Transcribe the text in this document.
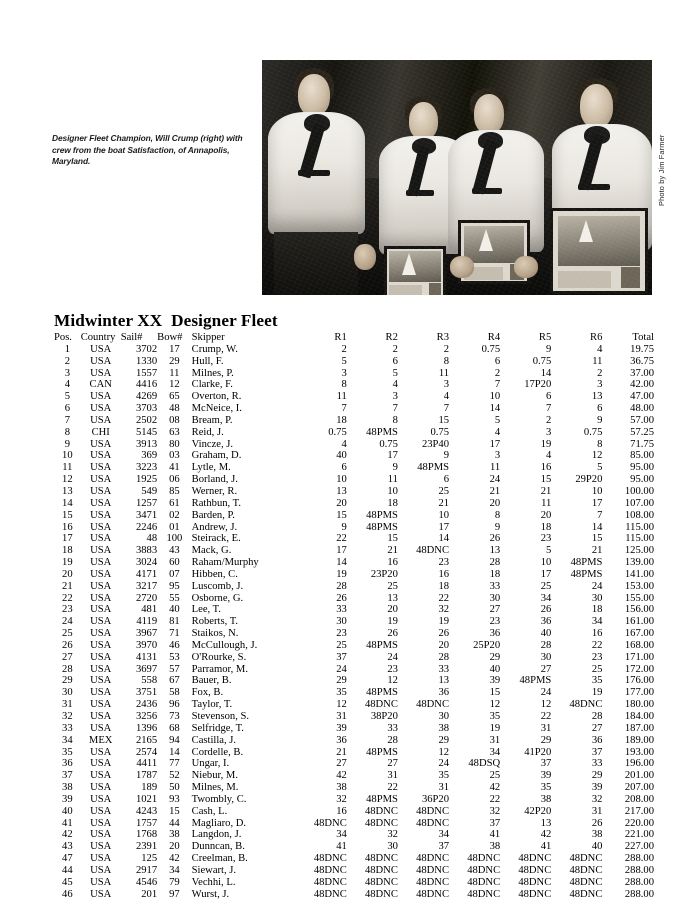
Designer Fleet Champion, Will Crump (right) with crew from the boat Satisfaction, of Annapolis, Maryland.	Photo by Jim Farmer
Midwinter XX  Designer Fleet
Pos.	Country	Sail#	Bow#	Skipper	R1	R2	R3	R4	R5	R6	Total
1	USA	3702	17	Crump, W.	2	2	2	0.75	9	4	19.75
2	USA	1330	29	Hull, F.	5	6	8	6	0.75	11	36.75
3	USA	1557	11	Milnes, P.	3	5	11	2	14	2	37.00
4	CAN	4416	12	Clarke, F.	8	4	3	7	17P20	3	42.00
5	USA	4269	65	Overton, R.	11	3	4	10	6	13	47.00
6	USA	3703	48	McNeice, I.	7	7	7	14	7	6	48.00
7	USA	2502	08	Bream, P.	18	8	15	5	2	9	57.00
8	CHI	5145	63	Reid, J.	0.75	48PMS	0.75	4	3	0.75	57.25
9	USA	3913	80	Vincze, J.	4	0.75	23P40	17	19	8	71.75
10	USA	369	03	Graham, D.	40	17	9	3	4	12	85.00
11	USA	3223	41	Lytle, M.	6	9	48PMS	11	16	5	95.00
12	USA	1925	06	Borland, J.	10	11	6	24	15	29P20	95.00
13	USA	549	85	Werner, R.	13	10	25	21	21	10	100.00
14	USA	1257	61	Rathbun, T.	20	18	21	20	11	17	107.00
15	USA	3471	02	Barden, P.	15	48PMS	10	8	20	7	108.00
16	USA	2246	01	Andrew, J.	9	48PMS	17	9	18	14	115.00
17	USA	48	100	Steirack, E.	22	15	14	26	23	15	115.00
18	USA	3883	43	Mack, G.	17	21	48DNC	13	5	21	125.00
19	USA	3024	60	Raham/Murphy	14	16	23	28	10	48PMS	139.00
20	USA	4171	07	Hibben, C.	19	23P20	16	18	17	48PMS	141.00
21	USA	3217	95	Luscomb, J.	28	25	18	33	25	24	153.00
22	USA	2720	55	Osborne, G.	26	13	22	30	34	30	155.00
23	USA	481	40	Lee, T.	33	20	32	27	26	18	156.00
24	USA	4119	81	Roberts, T.	30	19	19	23	36	34	161.00
25	USA	3967	71	Staikos, N.	23	26	26	36	40	16	167.00
26	USA	3970	46	McCullough, J.	25	48PMS	20	25P20	28	22	168.00
27	USA	4131	53	O'Rourke, S.	37	24	28	29	30	23	171.00
28	USA	3697	57	Parramor, M.	24	23	33	40	27	25	172.00
29	USA	558	67	Bauer, B.	29	12	13	39	48PMS	35	176.00
30	USA	3751	58	Fox, B.	35	48PMS	36	15	24	19	177.00
31	USA	2436	96	Taylor, T.	12	48DNC	48DNC	12	12	48DNC	180.00
32	USA	3256	73	Stevenson, S.	31	38P20	30	35	22	28	184.00
33	USA	1396	68	Selfridge, T.	39	33	38	19	31	27	187.00
34	MEX	2165	94	Castilla, J.	36	28	29	31	29	36	189.00
35	USA	2574	14	Cordelle, B.	21	48PMS	12	34	41P20	37	193.00
36	USA	4411	77	Ungar, I.	27	27	24	48DSQ	37	33	196.00
37	USA	1787	52	Niebur, M.	42	31	35	25	39	29	201.00
38	USA	189	50	Milnes, M.	38	22	31	42	35	39	207.00
39	USA	1021	93	Twombly, C.	32	48PMS	36P20	22	38	32	208.00
40	USA	4243	15	Cash, L.	16	48DNC	48DNC	32	42P20	31	217.00
41	USA	1757	44	Magliaro, D.	48DNC	48DNC	48DNC	37	13	26	220.00
42	USA	1768	38	Langdon, J.	34	32	34	41	42	38	221.00
43	USA	2391	20	Dunncan, B.	41	30	37	38	41	40	227.00
47	USA	125	42	Creelman, B.	48DNC	48DNC	48DNC	48DNC	48DNC	48DNC	288.00
44	USA	2917	34	Siewart, J.	48DNC	48DNC	48DNC	48DNC	48DNC	48DNC	288.00
45	USA	4546	79	Vechhi, L.	48DNC	48DNC	48DNC	48DNC	48DNC	48DNC	288.00
46	USA	201	97	Wurst, J.	48DNC	48DNC	48DNC	48DNC	48DNC	48DNC	288.00
